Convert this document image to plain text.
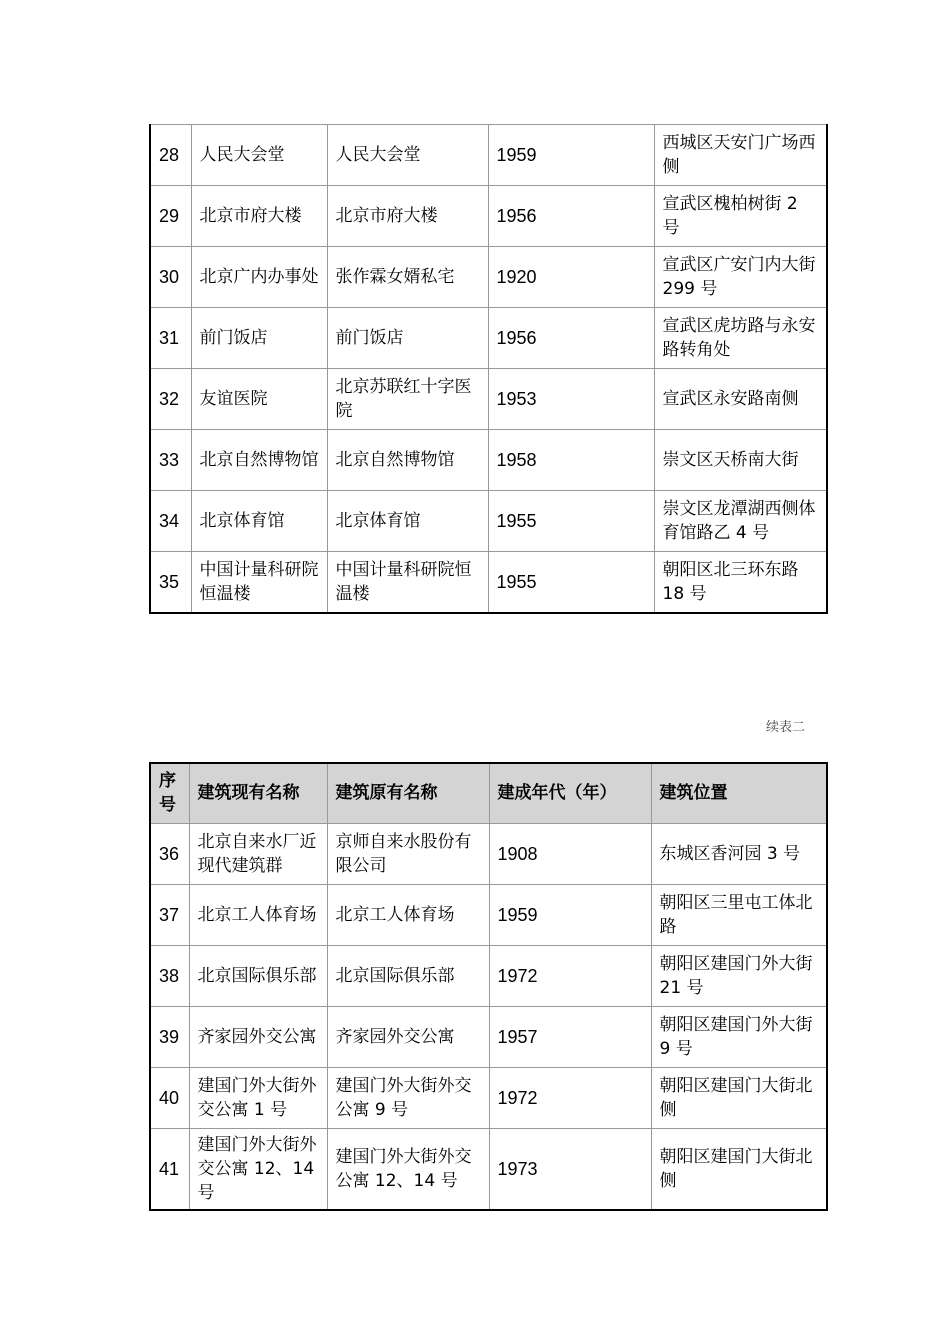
28	人民大会堂	人民大会堂	1959	西城区天安门广场西侧
29	北京市府大楼	北京市府大楼	1956	宣武区槐柏树街 2 号
30	北京广内办事处	张作霖女婿私宅	1920	宣武区广安门内大街 299 号
31	前门饭店	前门饭店	1956	宣武区虎坊路与永安路转角处
32	友谊医院	北京苏联红十字医院	1953	宣武区永安路南侧
33	北京自然博物馆	北京自然博物馆	1958	崇文区天桥南大街
34	北京体育馆	北京体育馆	1955	崇文区龙潭湖西侧体育馆路乙 4 号
35	中国计量科研院恒温楼	中国计量科研院恒温楼	1955	朝阳区北三环东路 18 号
续表二
序号	建筑现有名称	建筑原有名称	建成年代（年）	建筑位置
36	北京自来水厂近现代建筑群	京师自来水股份有限公司	1908	东城区香河园 3 号
37	北京工人体育场	北京工人体育场	1959	朝阳区三里屯工体北路
38	北京国际俱乐部	北京国际俱乐部	1972	朝阳区建国门外大街 21 号
39	齐家园外交公寓	齐家园外交公寓	1957	朝阳区建国门外大街 9 号
40	建国门外大街外交公寓 1 号	建国门外大街外交公寓 9 号	1972	朝阳区建国门大街北侧
41	建国门外大街外交公寓 12、14 号	建国门外大街外交公寓 12、14 号	1973	朝阳区建国门大街北侧
